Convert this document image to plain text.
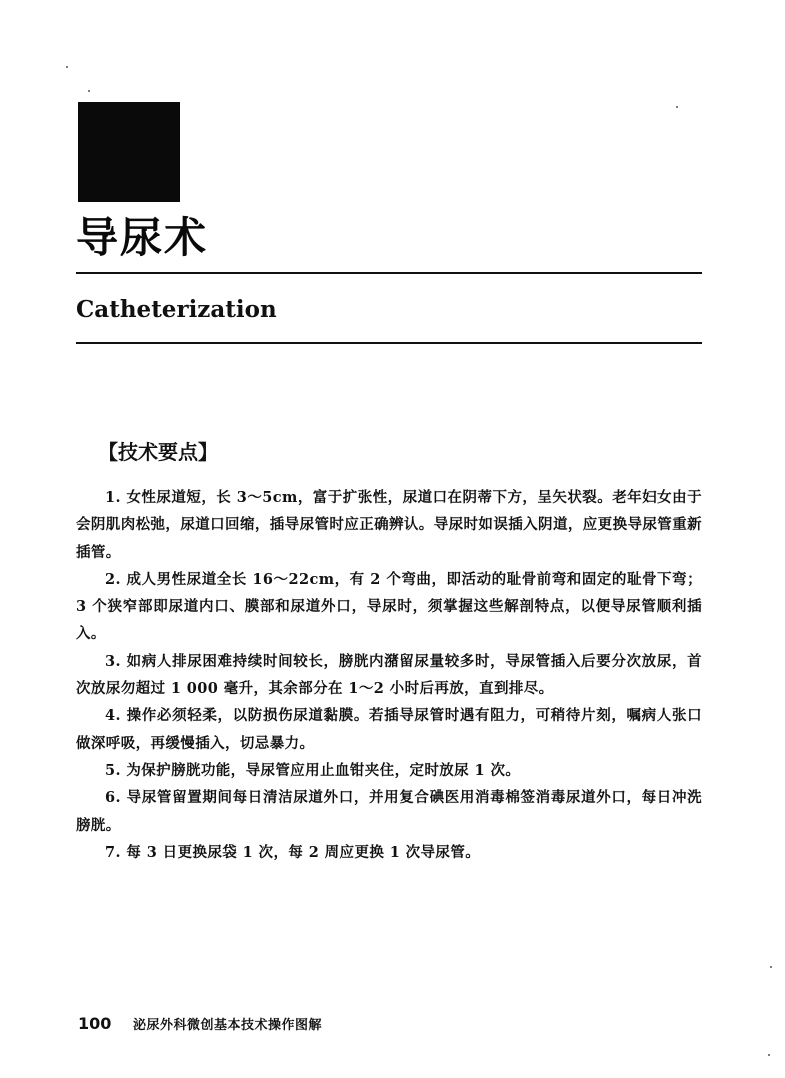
导尿术
Catheterization
【技术要点】

1. 女性尿道短，长 3～5cm，富于扩张性，尿道口在阴蒂下方，呈矢状裂。老年妇女由于会阴肌肉松弛，尿道口回缩，插导尿管时应正确辨认。导尿时如误插入阴道，应更换导尿管重新插管。

2. 成人男性尿道全长 16～22cm，有 2 个弯曲，即活动的耻骨前弯和固定的耻骨下弯；3 个狭窄部即尿道内口、膜部和尿道外口，导尿时，须掌握这些解剖特点，以便导尿管顺利插入。

3. 如病人排尿困难持续时间较长，膀胱内潴留尿量较多时，导尿管插入后要分次放尿，首次放尿勿超过 1 000 毫升，其余部分在 1～2 小时后再放，直到排尽。

4. 操作必须轻柔，以防损伤尿道黏膜。若插导尿管时遇有阻力，可稍待片刻，嘱病人张口做深呼吸，再缓慢插入，切忌暴力。

5. 为保护膀胱功能，导尿管应用止血钳夹住，定时放尿 1 次。

6. 导尿管留置期间每日清洁尿道外口，并用复合碘医用消毒棉签消毒尿道外口，每日冲洗膀胱。

7. 每 3 日更换尿袋 1 次，每 2 周应更换 1 次导尿管。

100 泌尿外科微创基本技术操作图解
